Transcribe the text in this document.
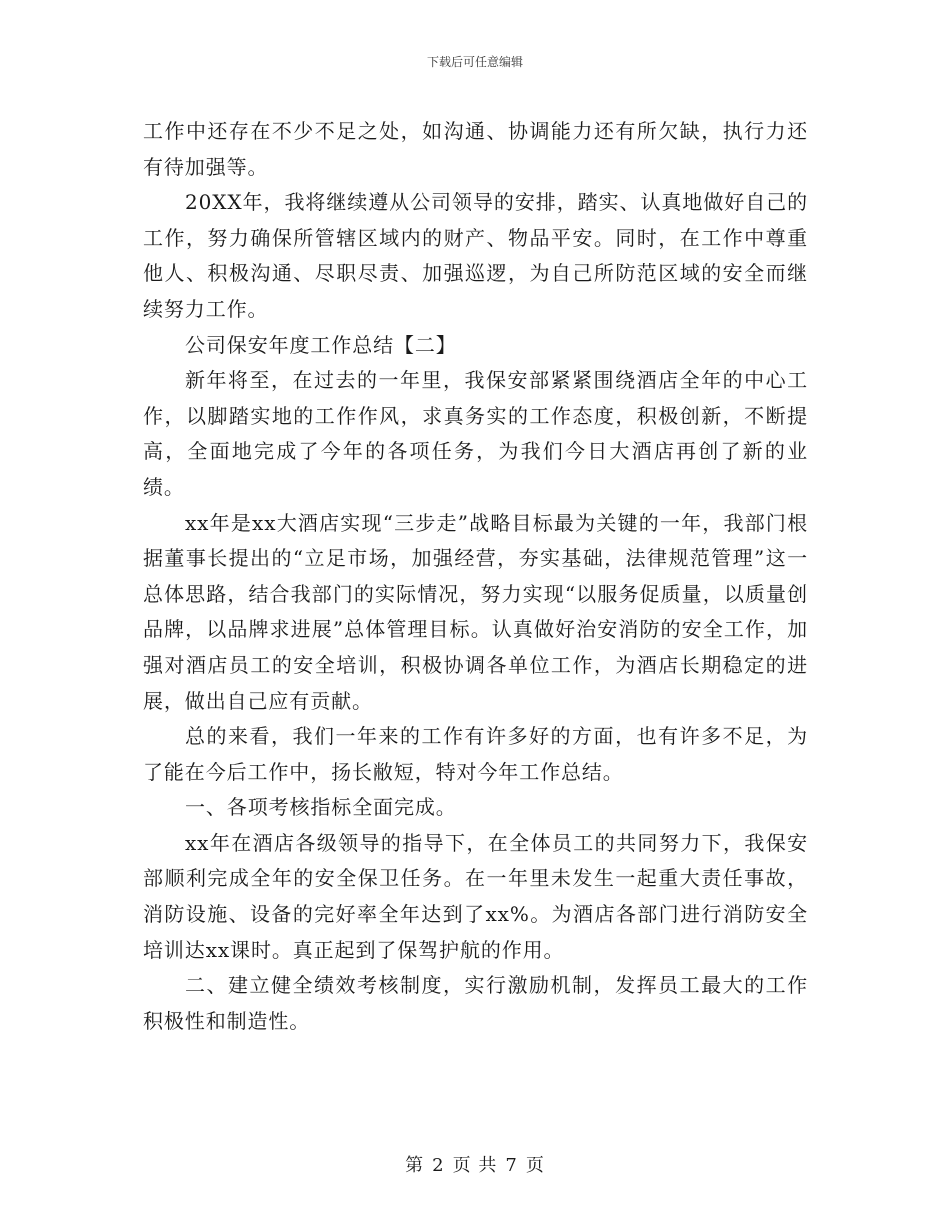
下载后可任意编辑

工作中还存在不少不足之处，如沟通、协调能力还有所欠缺，执行力还有待加强等。

20XX年，我将继续遵从公司领导的安排，踏实、认真地做好自己的工作，努力确保所管辖区域内的财产、物品平安。同时，在工作中尊重他人、积极沟通、尽职尽责、加强巡逻，为自己所防范区域的安全而继续努力工作。

公司保安年度工作总结【二】

新年将至，在过去的一年里，我保安部紧紧围绕酒店全年的中心工作，以脚踏实地的工作作风，求真务实的工作态度，积极创新，不断提高，全面地完成了今年的各项任务，为我们今日大酒店再创了新的业绩。

xx年是xx大酒店实现“三步走”战略目标最为关键的一年，我部门根据董事长提出的“立足市场，加强经营，夯实基础，法律规范管理”这一总体思路，结合我部门的实际情况，努力实现“以服务促质量，以质量创品牌，以品牌求进展”总体管理目标。认真做好治安消防的安全工作，加强对酒店员工的安全培训，积极协调各单位工作，为酒店长期稳定的进展，做出自己应有贡献。

总的来看，我们一年来的工作有许多好的方面，也有许多不足，为了能在今后工作中，扬长敝短，特对今年工作总结。

一、各项考核指标全面完成。

xx年在酒店各级领导的指导下，在全体员工的共同努力下，我保安部顺利完成全年的安全保卫任务。在一年里未发生一起重大责任事故，消防设施、设备的完好率全年达到了xx%。为酒店各部门进行消防安全培训达xx课时。真正起到了保驾护航的作用。

二、建立健全绩效考核制度，实行激励机制，发挥员工最大的工作积极性和制造性。

第 2 页 共 7 页
